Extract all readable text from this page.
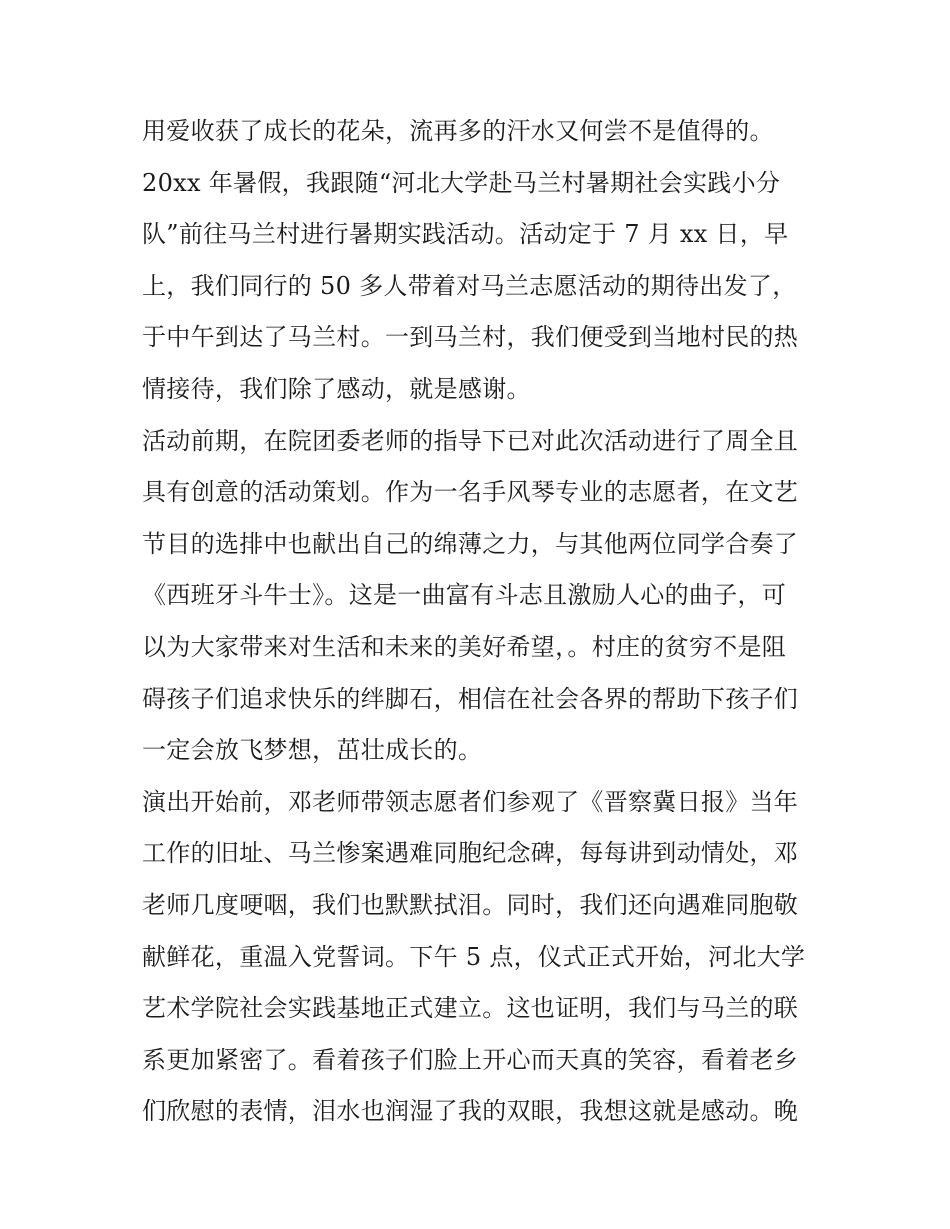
用爱收获了成长的花朵，流再多的汗水又何尝不是值得的。
20xx 年暑假，我跟随“河北大学赴马兰村暑期社会实践小分
队”前往马兰村进行暑期实践活动。活动定于 7 月 xx 日，早
上，我们同行的 50 多人带着对马兰志愿活动的期待出发了，
于中午到达了马兰村。一到马兰村，我们便受到当地村民的热
情接待，我们除了感动，就是感谢。
活动前期，在院团委老师的指导下已对此次活动进行了周全且
具有创意的活动策划。作为一名手风琴专业的志愿者，在文艺
节目的选排中也献出自己的绵薄之力，与其他两位同学合奏了
《西班牙斗牛士》。这是一曲富有斗志且激励人心的曲子，可
以为大家带来对生活和未来的美好希望，。村庄的贫穷不是阻
碍孩子们追求快乐的绊脚石，相信在社会各界的帮助下孩子们
一定会放飞梦想，茁壮成长的。
演出开始前，邓老师带领志愿者们参观了《晋察冀日报》当年
工作的旧址、马兰惨案遇难同胞纪念碑，每每讲到动情处，邓
老师几度哽咽，我们也默默拭泪。同时，我们还向遇难同胞敬
献鲜花，重温入党誓词。下午 5 点，仪式正式开始，河北大学
艺术学院社会实践基地正式建立。这也证明，我们与马兰的联
系更加紧密了。看着孩子们脸上开心而天真的笑容，看着老乡
们欣慰的表情，泪水也润湿了我的双眼，我想这就是感动。晚
